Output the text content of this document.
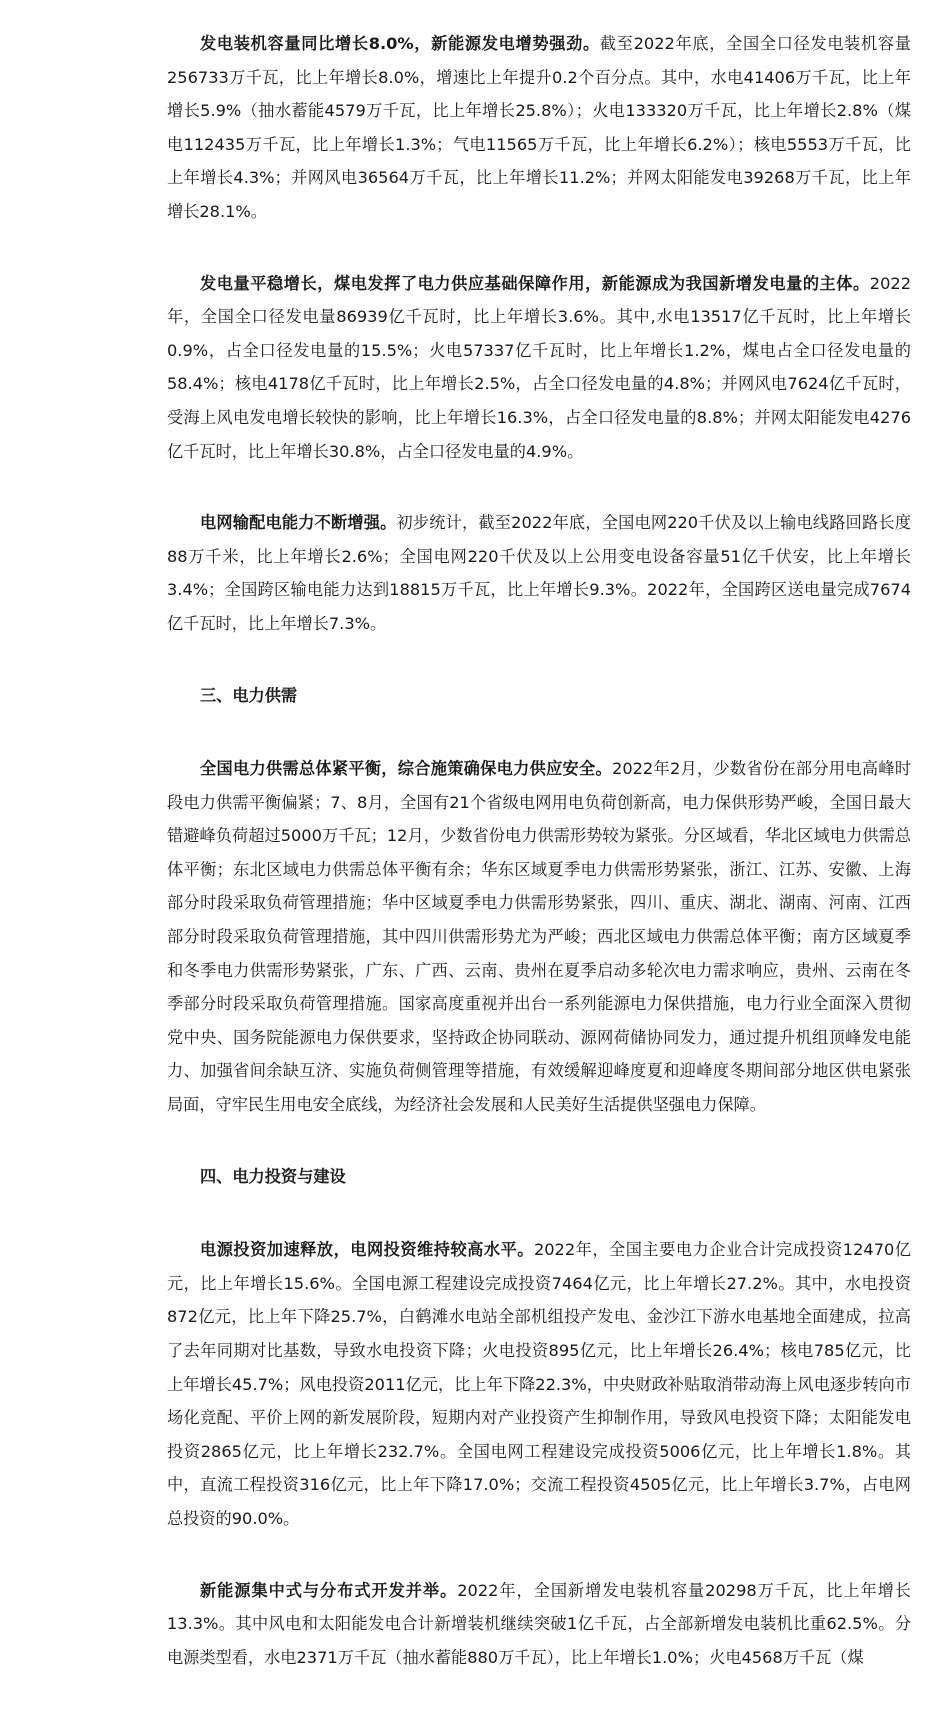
发电装机容量同比增长8.0%，新能源发电增势强劲。截至2022年底，全国全口径发电装机容量256733万千瓦，比上年增长8.0%，增速比上年提升0.2个百分点。其中，水电41406万千瓦，比上年增长5.9%（抽水蓄能4579万千瓦，比上年增长25.8%）；火电133320万千瓦，比上年增长2.8%（煤电112435万千瓦，比上年增长1.3%；气电11565万千瓦，比上年增长6.2%）；核电5553万千瓦，比上年增长4.3%；并网风电36564万千瓦，比上年增长11.2%；并网太阳能发电39268万千瓦，比上年增长28.1%。

发电量平稳增长，煤电发挥了电力供应基础保障作用，新能源成为我国新增发电量的主体。2022年，全国全口径发电量86939亿千瓦时，比上年增长3.6%。其中,水电13517亿千瓦时，比上年增长0.9%，占全口径发电量的15.5%；火电57337亿千瓦时，比上年增长1.2%，煤电占全口径发电量的58.4%；核电4178亿千瓦时，比上年增长2.5%，占全口径发电量的4.8%；并网风电7624亿千瓦时，受海上风电发电增长较快的影响，比上年增长16.3%，占全口径发电量的8.8%；并网太阳能发电4276亿千瓦时，比上年增长30.8%，占全口径发电量的4.9%。

电网输配电能力不断增强。初步统计，截至2022年底，全国电网220千伏及以上输电线路回路长度88万千米，比上年增长2.6%；全国电网220千伏及以上公用变电设备容量51亿千伏安，比上年增长3.4%；全国跨区输电能力达到18815万千瓦，比上年增长9.3%。2022年，全国跨区送电量完成7674亿千瓦时，比上年增长7.3%。

三、电力供需

全国电力供需总体紧平衡，综合施策确保电力供应安全。2022年2月，少数省份在部分用电高峰时段电力供需平衡偏紧；7、8月，全国有21个省级电网用电负荷创新高，电力保供形势严峻，全国日最大错避峰负荷超过5000万千瓦；12月，少数省份电力供需形势较为紧张。分区域看，华北区域电力供需总体平衡；东北区域电力供需总体平衡有余；华东区域夏季电力供需形势紧张，浙江、江苏、安徽、上海部分时段采取负荷管理措施；华中区域夏季电力供需形势紧张，四川、重庆、湖北、湖南、河南、江西部分时段采取负荷管理措施，其中四川供需形势尤为严峻；西北区域电力供需总体平衡；南方区域夏季和冬季电力供需形势紧张，广东、广西、云南、贵州在夏季启动多轮次电力需求响应，贵州、云南在冬季部分时段采取负荷管理措施。国家高度重视并出台一系列能源电力保供措施，电力行业全面深入贯彻党中央、国务院能源电力保供要求，坚持政企协同联动、源网荷储协同发力，通过提升机组顶峰发电能力、加强省间余缺互济、实施负荷侧管理等措施，有效缓解迎峰度夏和迎峰度冬期间部分地区供电紧张局面，守牢民生用电安全底线，为经济社会发展和人民美好生活提供坚强电力保障。

四、电力投资与建设

电源投资加速释放，电网投资维持较高水平。2022年，全国主要电力企业合计完成投资12470亿元，比上年增长15.6%。全国电源工程建设完成投资7464亿元，比上年增长27.2%。其中，水电投资872亿元，比上年下降25.7%，白鹤滩水电站全部机组投产发电、金沙江下游水电基地全面建成，拉高了去年同期对比基数，导致水电投资下降；火电投资895亿元，比上年增长26.4%；核电785亿元，比上年增长45.7%；风电投资2011亿元，比上年下降22.3%，中央财政补贴取消带动海上风电逐步转向市场化竞配、平价上网的新发展阶段，短期内对产业投资产生抑制作用，导致风电投资下降；太阳能发电投资2865亿元，比上年增长232.7%。全国电网工程建设完成投资5006亿元，比上年增长1.8%。其中，直流工程投资316亿元，比上年下降17.0%；交流工程投资4505亿元，比上年增长3.7%，占电网总投资的90.0%。

新能源集中式与分布式开发并举。2022年，全国新增发电装机容量20298万千瓦，比上年增长13.3%。其中风电和太阳能发电合计新增装机继续突破1亿千瓦，占全部新增发电装机比重62.5%。分电源类型看，水电2371万千瓦（抽水蓄能880万千瓦），比上年增长1.0%；火电4568万千瓦（煤
